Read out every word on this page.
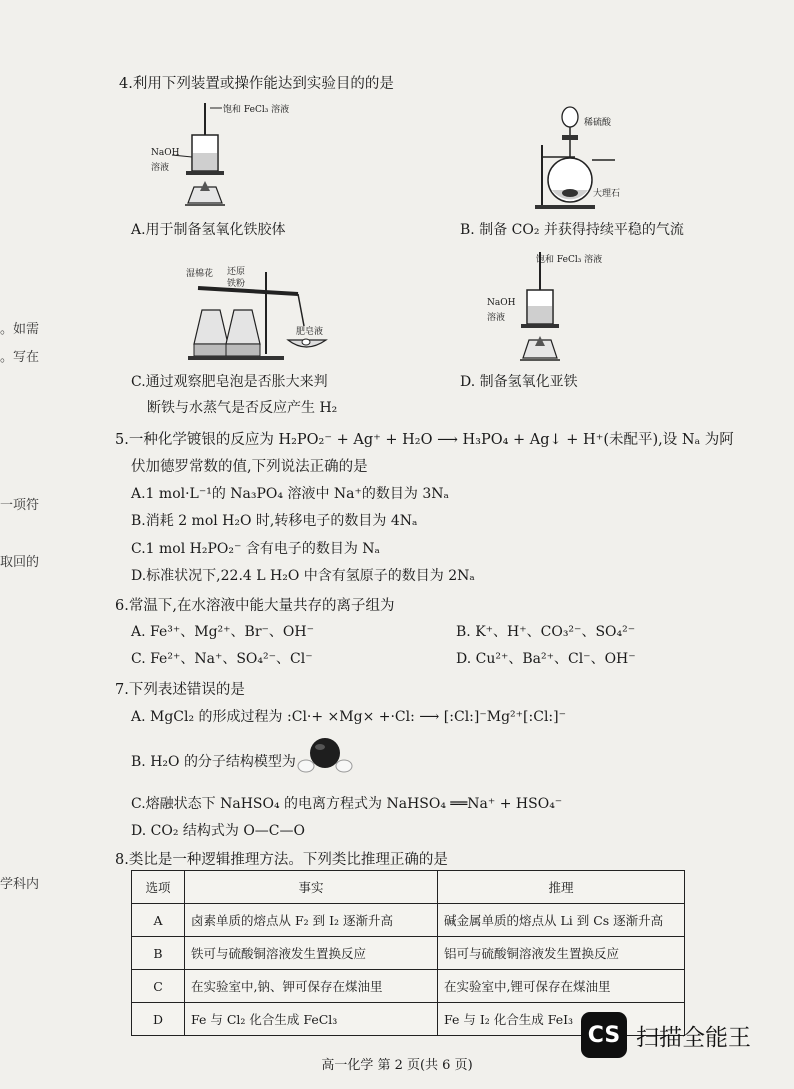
。如需
。写在
一项符
取回的
学科内
4.利用下列装置或操作能达到实验目的的是
饱和 FeCl₃ 溶液
NaOH
溶液
A.用于制备氢氧化铁胶体
稀硫酸
大理石
B. 制备 CO₂ 并获得持续平稳的气流
湿棉花 还原
铁粉
肥皂液
C.通过观察肥皂泡是否胀大来判
断铁与水蒸气是否反应产生 H₂
饱和 FeCl₃ 溶液
NaOH
溶液
D. 制备氢氧化亚铁
5.一种化学镀银的反应为 H₂PO₂⁻ + Ag⁺ + H₂O ⟶ H₃PO₄ + Ag↓ + H⁺(未配平),设 Nₐ 为阿
伏加德罗常数的值,下列说法正确的是
A.1 mol·L⁻¹的 Na₃PO₄ 溶液中 Na⁺的数目为 3Nₐ
B.消耗 2 mol H₂O 时,转移电子的数目为 4Nₐ
C.1 mol H₂PO₂⁻ 含有电子的数目为 Nₐ
D.标准状况下,22.4 L H₂O 中含有氢原子的数目为 2Nₐ
6.常温下,在水溶液中能大量共存的离子组为
A. Fe³⁺、Mg²⁺、Br⁻、OH⁻	B. K⁺、H⁺、CO₃²⁻、SO₄²⁻
C. Fe²⁺、Na⁺、SO₄²⁻、Cl⁻	D. Cu²⁺、Ba²⁺、Cl⁻、OH⁻
7.下列表述错误的是
A. MgCl₂ 的形成过程为 :Cl·+ ×Mg× +·Cl: ⟶ [:Cl:]⁻Mg²⁺[:Cl:]⁻
B. H₂O 的分子结构模型为
C.熔融状态下 NaHSO₄ 的电离方程式为 NaHSO₄ ══Na⁺ + HSO₄⁻
D. CO₂ 结构式为 O—C—O
8.类比是一种逻辑推理方法。下列类比推理正确的是
选项	事实	推理
A	卤素单质的熔点从 F₂ 到 I₂ 逐渐升高	碱金属单质的熔点从 Li 到 Cs 逐渐升高
B	铁可与硫酸铜溶液发生置换反应	铝可与硫酸铜溶液发生置换反应
C	在实验室中,钠、钾可保存在煤油里	在实验室中,锂可保存在煤油里
D	Fe 与 Cl₂ 化合生成 FeCl₃	Fe 与 I₂ 化合生成 FeI₃
CS 扫描全能王
高一化学 第 2 页(共 6 页)
